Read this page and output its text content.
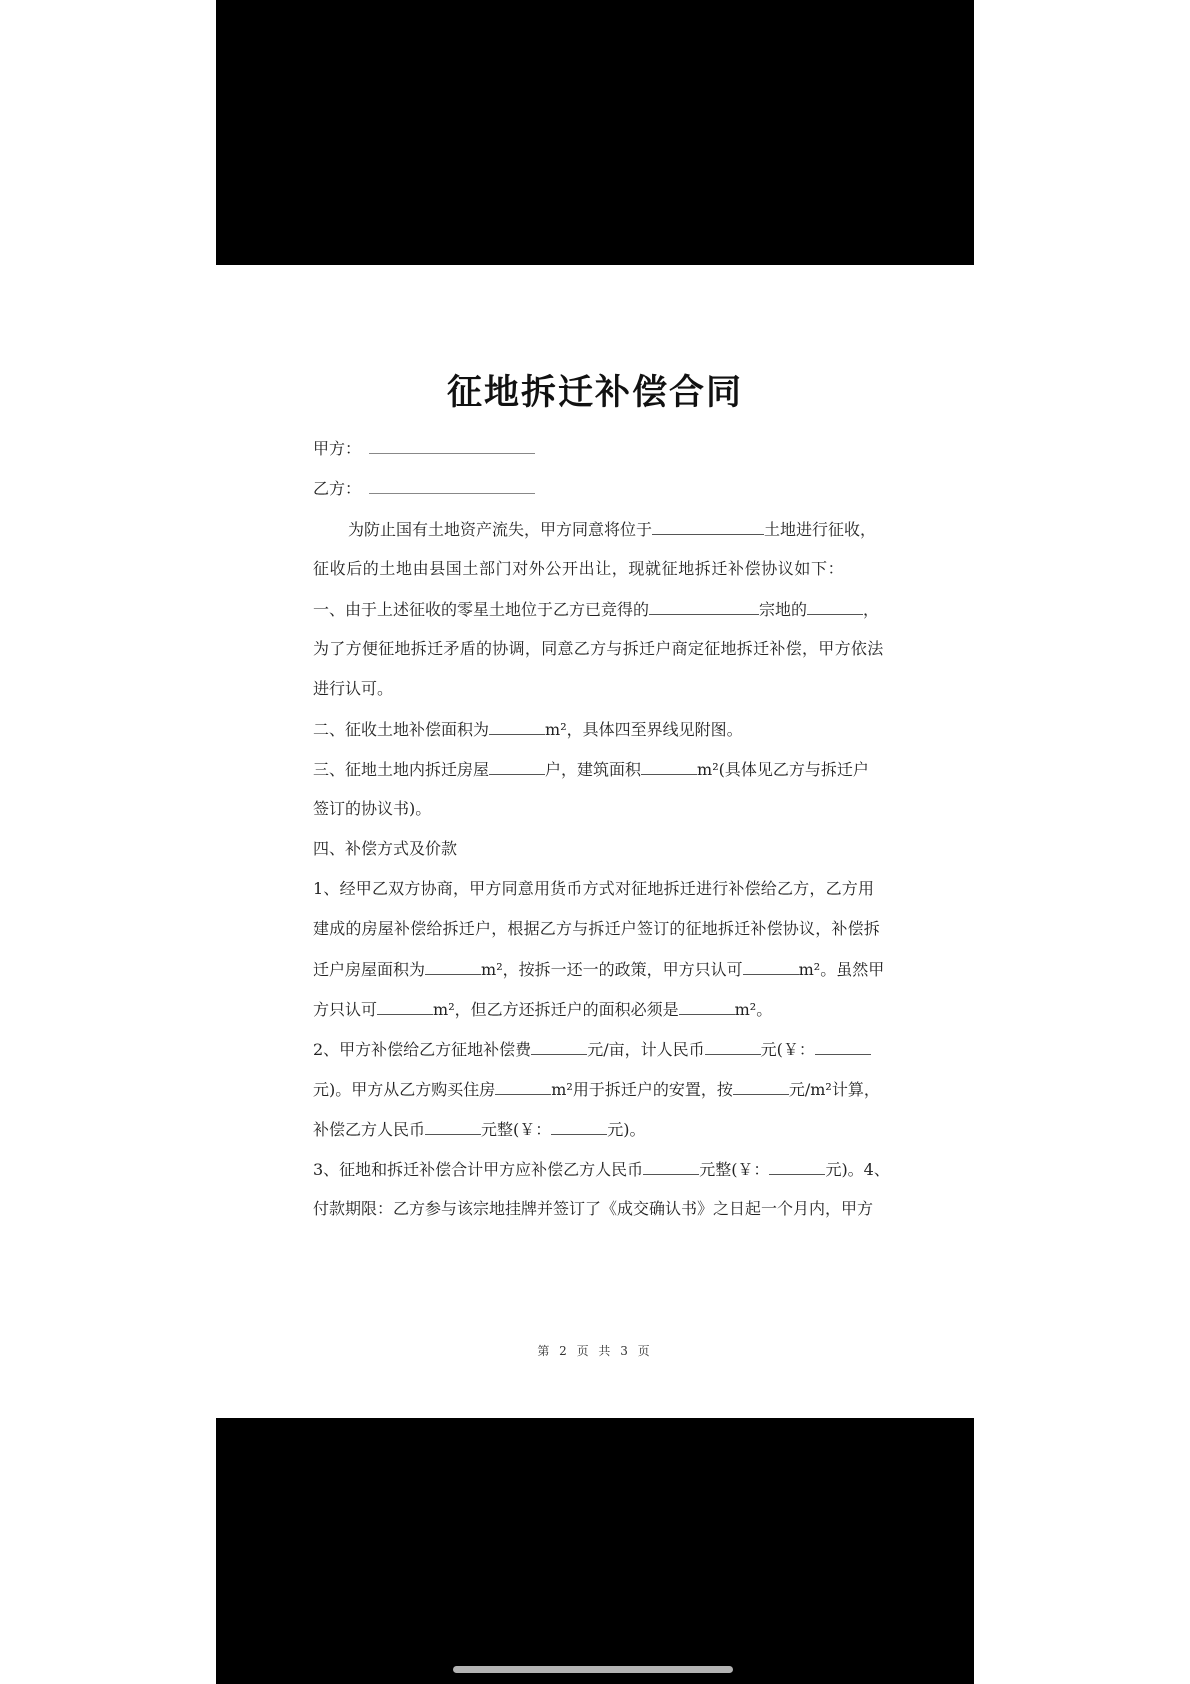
征地拆迁补偿合同
甲方：
乙方：
为防止国有土地资产流失，甲方同意将位于	土地进行征收，
征收后的土地由县国土部门对外公开出让，现就征地拆迁补偿协议如下：
一、由于上述征收的零星土地位于乙方已竞得的	宗地的	，
为了方便征地拆迁矛盾的协调，同意乙方与拆迁户商定征地拆迁补偿，甲方依法
进行认可。
二、征收土地补偿面积为	m²，具体四至界线见附图。
三、征地土地内拆迁房屋	户，建筑面积	m²(具体见乙方与拆迁户
签订的协议书)。
四、补偿方式及价款
1、经甲乙双方协商，甲方同意用货币方式对征地拆迁进行补偿给乙方，乙方用
建成的房屋补偿给拆迁户，根据乙方与拆迁户签订的征地拆迁补偿协议，补偿拆
迁户房屋面积为	m²，按拆一还一的政策，甲方只认可	m²。虽然甲
方只认可	m²，但乙方还拆迁户的面积必须是	m²。
2、甲方补偿给乙方征地补偿费	元/亩，计人民币	元(￥：
元)。甲方从乙方购买住房	m²用于拆迁户的安置，按	元/m²计算，
补偿乙方人民币	元整(￥：	元)。
3、征地和拆迁补偿合计甲方应补偿乙方人民币	元整(￥：	元)。4、
付款期限：乙方参与该宗地挂牌并签订了《成交确认书》之日起一个月内，甲方
第 2 页 共 3 页
